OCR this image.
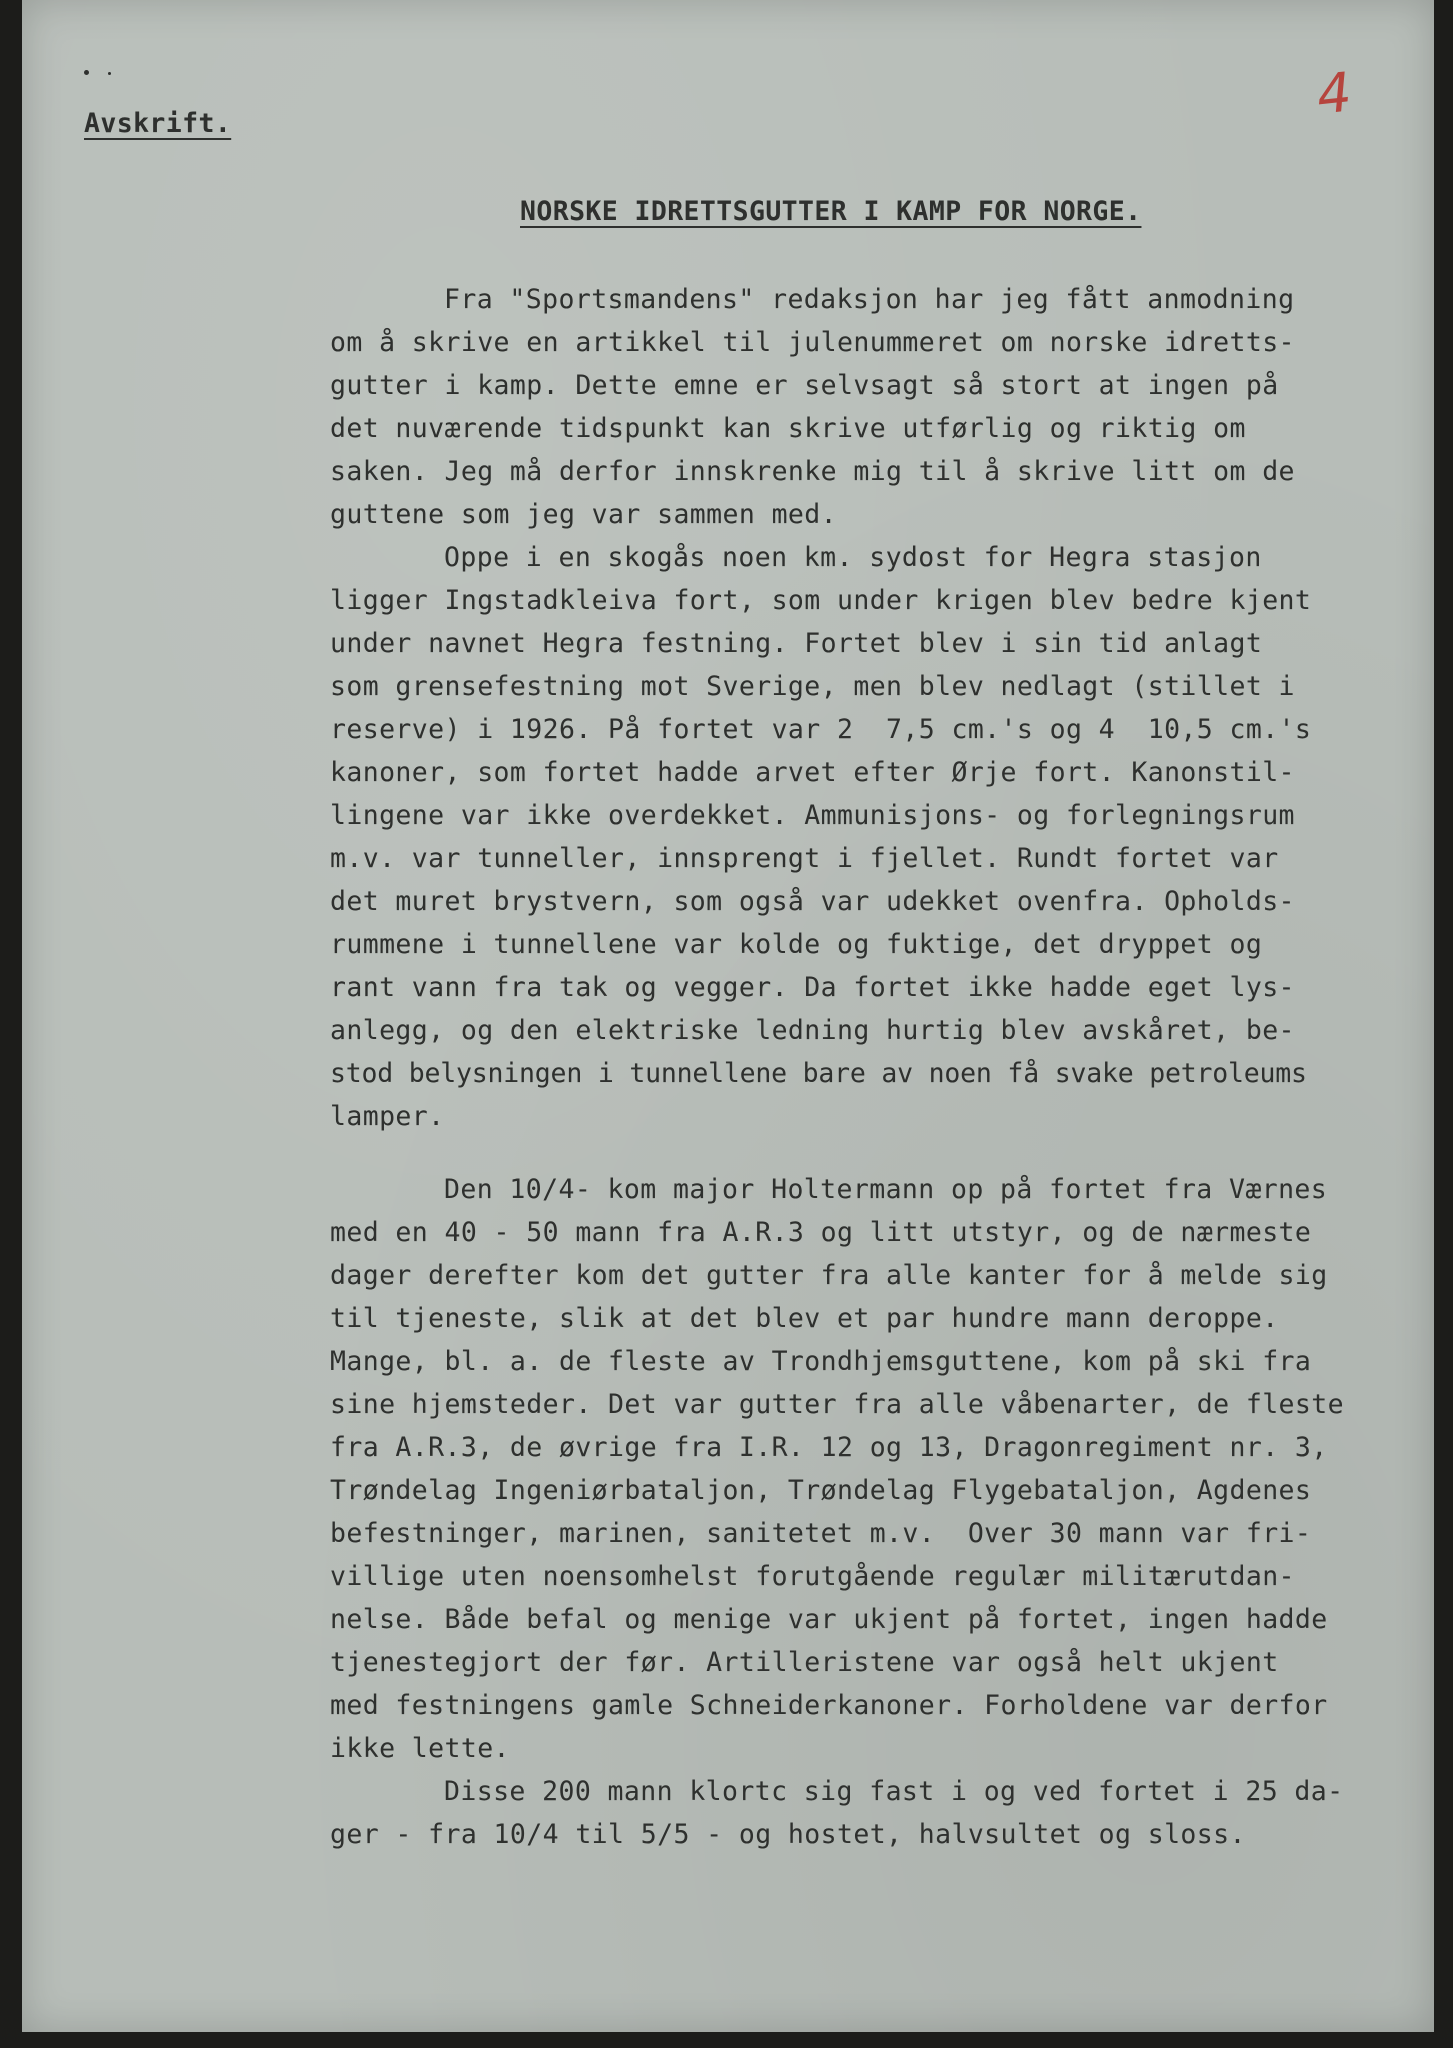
Avskrift.	4
NORSKE IDRETTSGUTTER I KAMP FOR NORGE.
Fra "Sportsmandens" redaksjon har jeg fått anmodning
om å skrive en artikkel til julenummeret om norske idretts-
gutter i kamp. Dette emne er selvsagt så stort at ingen på
det nuværende tidspunkt kan skrive utførlig og riktig om
saken. Jeg må derfor innskrenke mig til å skrive litt om de
guttene som jeg var sammen med.
Oppe i en skogås noen km. sydost for Hegra stasjon
ligger Ingstadkleiva fort, som under krigen blev bedre kjent
under navnet Hegra festning. Fortet blev i sin tid anlagt
som grensefestning mot Sverige, men blev nedlagt (stillet i
reserve) i 1926. På fortet var 2  7,5 cm.'s og 4  10,5 cm.'s
kanoner, som fortet hadde arvet efter Ørje fort. Kanonstil-
lingene var ikke overdekket. Ammunisjons- og forlegningsrum
m.v. var tunneller, innsprengt i fjellet. Rundt fortet var
det muret brystvern, som også var udekket ovenfra. Opholds-
rummene i tunnellene var kolde og fuktige, det dryppet og
rant vann fra tak og vegger. Da fortet ikke hadde eget lys-
anlegg, og den elektriske ledning hurtig blev avskåret, be-
stod belysningen i tunnellene bare av noen få svake petroleums
lamper.
Den 10/4- kom major Holtermann op på fortet fra Værnes
med en 40 - 50 mann fra A.R.3 og litt utstyr, og de nærmeste
dager derefter kom det gutter fra alle kanter for å melde sig
til tjeneste, slik at det blev et par hundre mann deroppe.
Mange, bl. a. de fleste av Trondhjemsguttene, kom på ski fra
sine hjemsteder. Det var gutter fra alle våbenarter, de fleste
fra A.R.3, de øvrige fra I.R. 12 og 13, Dragonregiment nr. 3,
Trøndelag Ingeniørbataljon, Trøndelag Flygebataljon, Agdenes
befestninger, marinen, sanitetet m.v.  Over 30 mann var fri-
villige uten noensomhelst forutgående regulær militærutdan-
nelse. Både befal og menige var ukjent på fortet, ingen hadde
tjenestegjort der før. Artilleristene var også helt ukjent
med festningens gamle Schneiderkanoner. Forholdene var derfor
ikke lette.
Disse 200 mann klortc sig fast i og ved fortet i 25 da-
ger - fra 10/4 til 5/5 - og hostet, halvsultet og sloss.
